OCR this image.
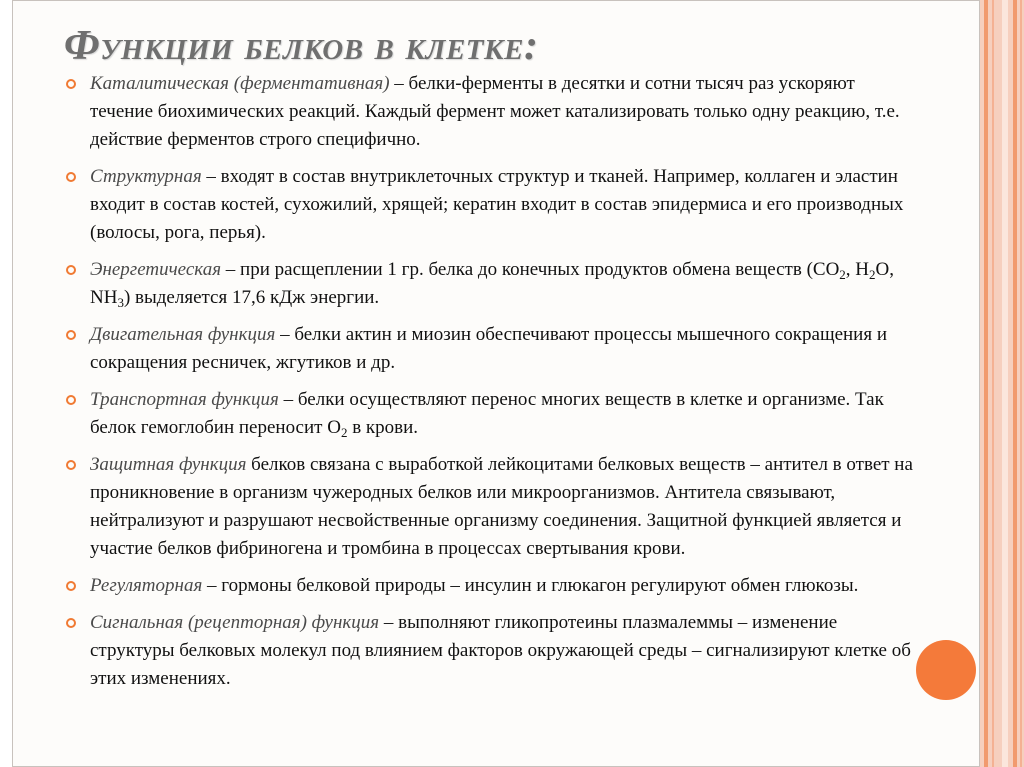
Функции белков в клетке:
Каталитическая (ферментативная) – белки-ферменты в десятки и сотни тысяч раз ускоряют течение биохимических реакций. Каждый фермент может катализировать только одну реакцию, т.е. действие ферментов строго специфично.
Структурная – входят в состав внутриклеточных структур и тканей. Например, коллаген и эластин входит в состав костей, сухожилий, хрящей; кератин входит в состав эпидермиса и его производных (волосы, рога, перья).
Энергетическая – при расщеплении 1 гр. белка до конечных продуктов обмена веществ ($CO_2$, $H_2O$, $NH_3$) выделяется 17,6 кДж энергии.
Двигательная функция – белки актин и миозин обеспечивают процессы мышечного сокращения и сокращения ресничек, жгутиков и др.
Транспортная функция – белки осуществляют перенос многих веществ в клетке и организме. Так белок гемоглобин переносит $O_2$ в крови.
Защитная функция белков связана с выработкой лейкоцитами белковых веществ – антител в ответ на проникновение в организм чужеродных белков или микроорганизмов. Антитела связывают, нейтрализуют и разрушают несвойственные организму соединения. Защитной функцией является и участие белков фибриногена и тромбина в процессах свертывания крови.
Регуляторная – гормоны белковой природы – инсулин и глюкагон регулируют обмен глюкозы.
Сигнальная (рецепторная) функция – выполняют гликопротеины плазмалеммы – изменение структуры белковых молекул под влиянием факторов окружающей среды – сигнализируют клетке об этих изменениях.
